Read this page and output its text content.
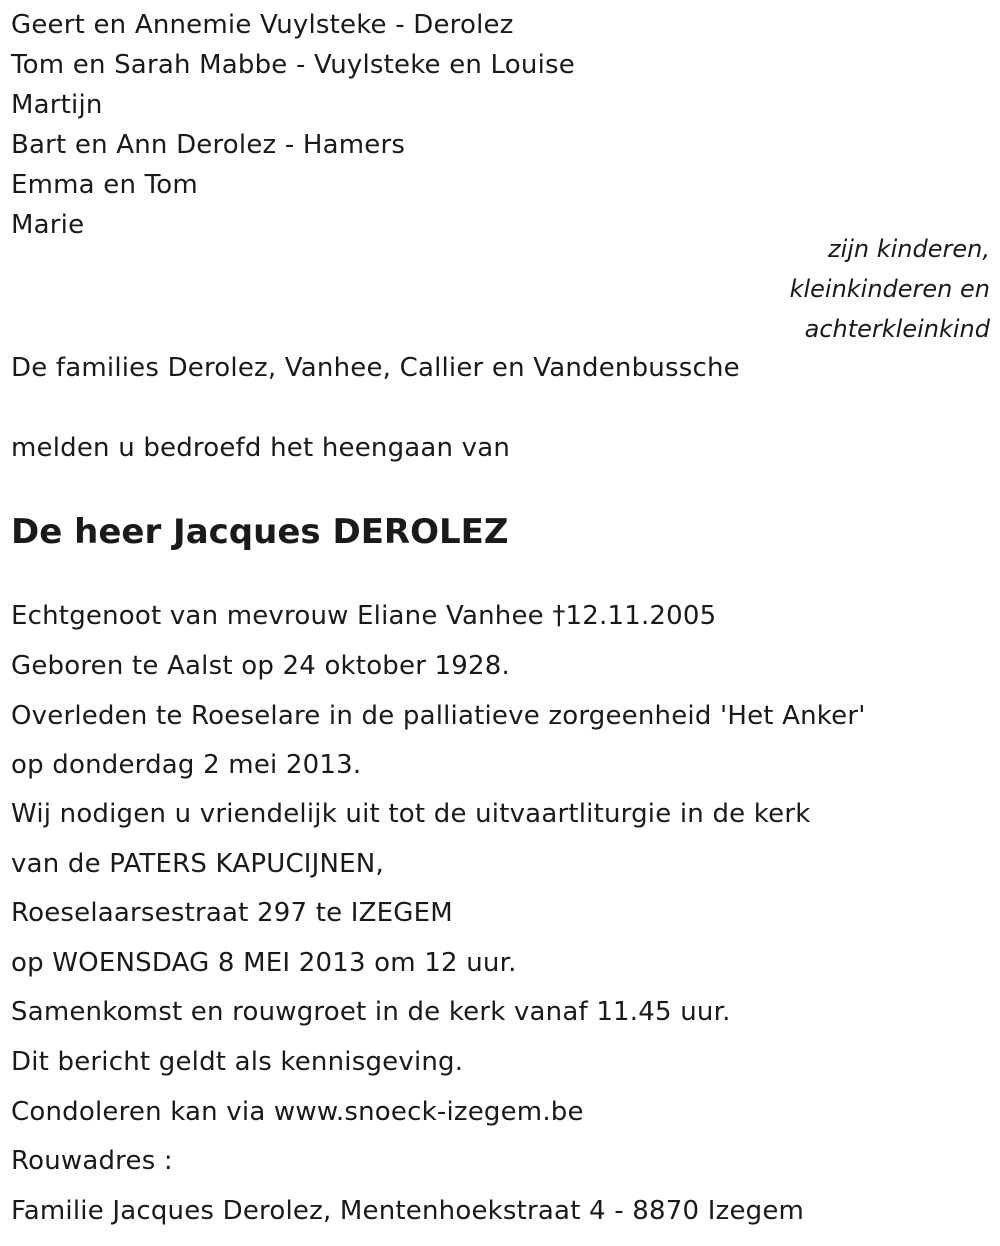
Geert en Annemie Vuylsteke - Derolez
Tom en Sarah Mabbe - Vuylsteke en Louise
Martijn
Bart en Ann Derolez - Hamers
Emma en Tom
Marie
zijn kinderen,
kleinkinderen en
achterkleinkind
De families Derolez, Vanhee, Callier en Vandenbussche
melden u bedroefd het heengaan van
De heer Jacques DEROLEZ
Echtgenoot van mevrouw Eliane Vanhee †12.11.2005
Geboren te Aalst op 24 oktober 1928.
Overleden te Roeselare in de palliatieve zorgeenheid 'Het Anker'
op donderdag 2 mei 2013.
Wij nodigen u vriendelijk uit tot de uitvaartliturgie in de kerk
van de PATERS KAPUCIJNEN,
Roeselaarsestraat 297 te IZEGEM
op WOENSDAG 8 MEI 2013 om 12 uur.
Samenkomst en rouwgroet in de kerk vanaf 11.45 uur.
Dit bericht geldt als kennisgeving.
Condoleren kan via www.snoeck-izegem.be
Rouwadres :
Familie Jacques Derolez, Mentenhoekstraat 4 - 8870 Izegem
